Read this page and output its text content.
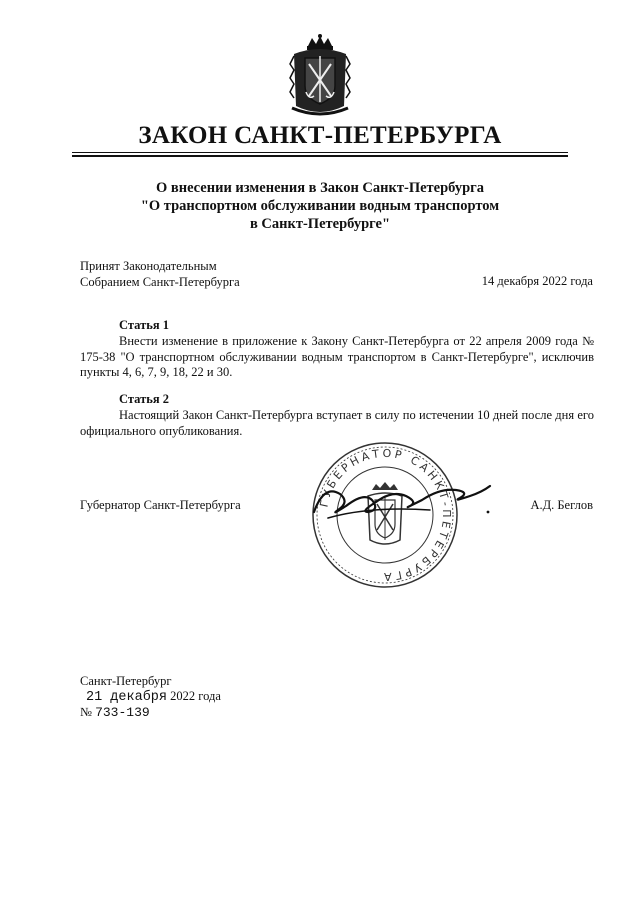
ЗАКОН САНКТ-ПЕТЕРБУРГА
О внесении изменения в Закон Санкт-Петербурга
"О транспортном обслуживании водным транспортом
в Санкт-Петербурге"
Принят Законодательным
Собранием Санкт-Петербурга	14 декабря 2022 года
Статья 1
Внести изменение в приложение к Закону Санкт-Петербурга от 22 апреля 2009 года № 175-38 "О транспортном обслуживании водным транспортом в Санкт-Петербурге", исключив пункты 4, 6, 7, 9, 18, 22 и 30.
Статья 2
Настоящий Закон Санкт-Петербурга вступает в силу по истечении 10 дней после дня его официального опубликования.
ГУБЕРНАТОР САНКТ-ПЕТЕРБУРГА
Губернатор Санкт-Петербурга	А.Д. Беглов
Санкт-Петербург
21 декабря 2022 года
№ 733-139
